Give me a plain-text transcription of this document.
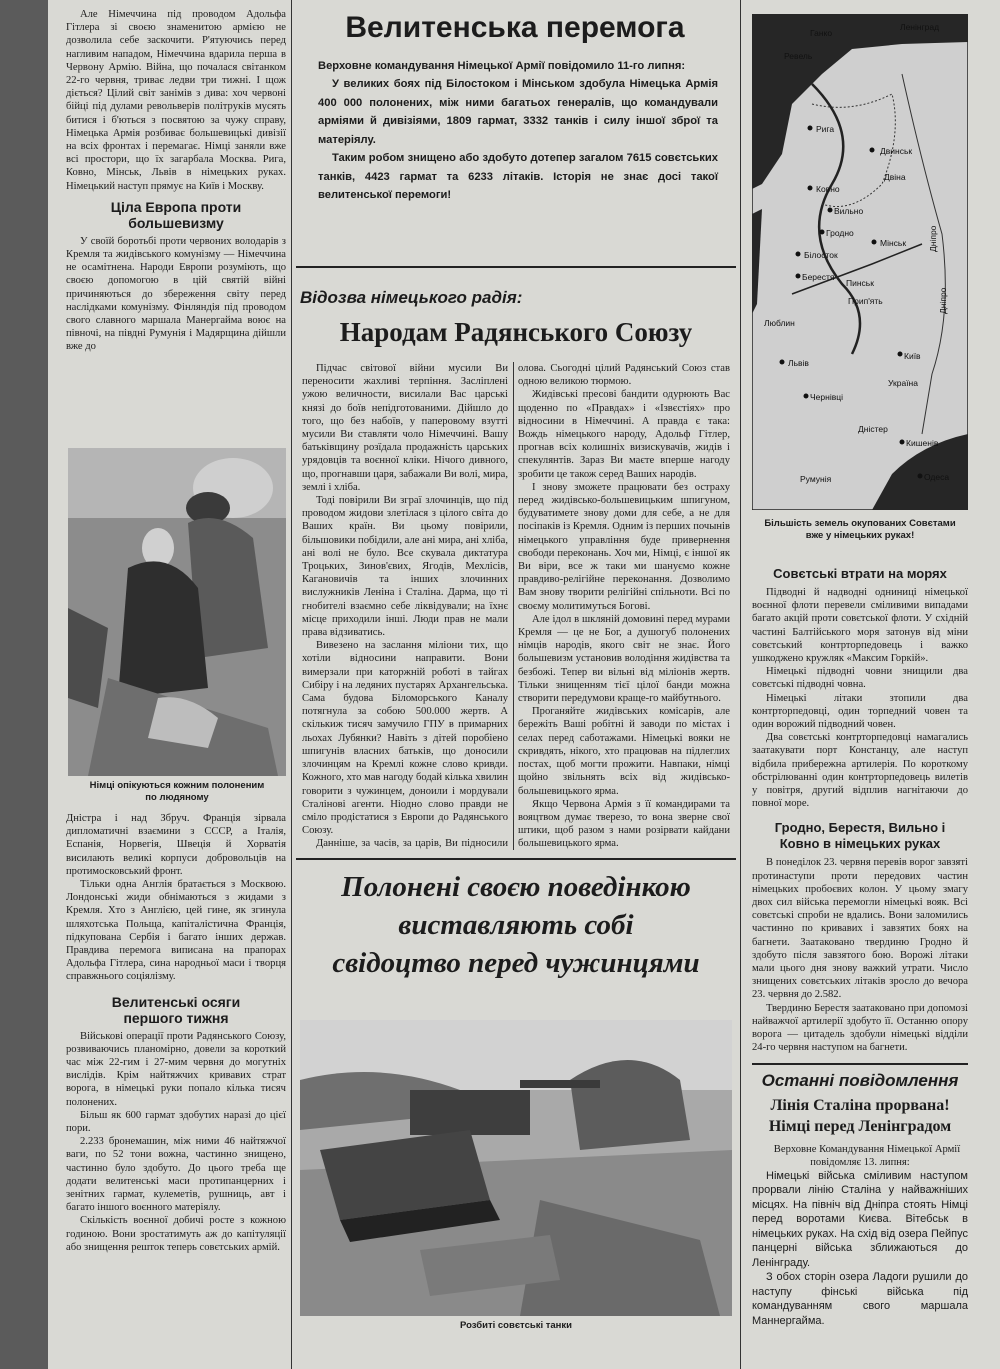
Але Німеччина під проводом Адольфа Гітлера зі своєю знаменитою армією не дозволила себе заскочити. Р'ятуючись перед нагливим нападом, Німеччина вдарила перша в Червону Армію. Війна, що почалася світанком 22-го червня, триває ледви три тижні. І щож діється? Цілий світ занімів з дива: хоч червоні бійці під дулами револьверів політруків мусять битися і б'ються з посвятою за чужу справу, Німецька Армія розбиває большевицькі дивізії на всіх фронтах і перемагає. Німці заняли вже всі простори, що їх загарбала Москва. Рига, Ковно, Мінськ, Львів в німецьких руках. Німецький наступ прямує на Київ і Москву.

Ціла Европа проти большевизму

У своїй боротьбі проти червоних володарів з Кремля та жидівського комунізму — Німеччина не осамітнена. Народи Европи розуміють, що своєю допомогою в цій святій війні причиняються до збереження світу перед наслідками комунізму. Фінляндія під проводом свого славного маршала Манергайма воює на півночі, на півдні Румунія і Мадярщина дійшли вже до

Німці опікуються кожним полоненим по людяному

Дністра і над Збруч. Франція зірвала дипломатичні взаємини з СССР, а Італія, Еспанія, Норвегія, Швеція й Хорватія висилають великі корпуси добровольців на протимосковський фронт.

Тільки одна Англія братається з Москвою. Лондонські жиди обнімаються з жидами з Кремля. Хто з Англією, цей гине, як згинула шляхотська Польща, капіталістична Франція, підкупована Сербія і багато інших держав. Правдива перемога виписана на прапорах Адольфа Гітлера, сина народньої маси і творця справжнього соціялізму.

Велитенські осяги першого тижня

Військові операції проти Радянського Союзу, розвиваючись планомірно, довели за короткий час між 22-гим і 27-мим червня до могутніх вислідів. Крім найтяжчих кривавих страт ворога, в німецькі руки попало кілька тисяч полонених.

Більш як 600 гармат здобутих наразі до цієї пори.

2.233 бронемашин, між ними 46 найтяжчої ваги, по 52 тони вожна, частинно знищено, частинно було здобуто. До цього треба ще додати велитенські маси протипанцерних і зенітних гармат, кулеметів, рушниць, авт і багато іншого воєнного матеріялу.

Скількість воєнної добичі росте з кожною годиною. Вони зростатимуть аж до капітуляції або знищення решток теперь совєтських армій.

Велитенська перемога

Верховне командування Німецької Армії повідомило 11-го липня:

У великих боях під Білостоком і Мінськом здобула Німецька Армія 400 000 полонених, між ними багатьох генералів, що командували арміями й дивізіями, 1809 гармат, 3332 танків і силу іншої зброї та матеріялу.

Таким робом знищено або здобуто дотепер загалом 7615 совєтських танків, 4423 гармат та 6233 літаків. Історія не знає досі такої велитенської перемоги!

Відозва німецького радія:
Народам Радянського Союзу

Підчас світової війни мусили Ви переносити жахливі терпіння. Засліплені ужою величности, висилали Вас царські князі до боїв непідготованими. Дійшло до того, що без набоїв, у паперовому взутті мусили Ви ставляти чоло Німеччині. Вашу батьківщину розїдала продажність царських урядовців та воєнної кліки. Нічого дивного, що, прогнавши царя, забажали Ви волі, мира, землі і хліба.

Тоді повірили Ви зграї злочинців, що під проводом жидови злетілася з цілого світа до Ваших країн. Ви цьому повірили, більшовики побідили, але ані мира, ані хліба, ані волі не було. Все скувала диктатура Троцьких, Зинов'євих, Ягодів, Мехлісів, Кагановичів та інших злочинних вислужників Леніна і Сталіна. Дарма, що ті гнобителі взаємно себе ліквідували; на їхнє місце приходили інші. Люди прав не мали права відзиватись.

Вивезено на заслання міліони тих, що хотіли відносини направити. Вони вимерзали при каторжній роботі в тайгах Сибіру і на ледяних пустарях Архангельська. Сама будова Біломорського Каналу потягнула за собою 500.000 жертв. А скількиж тисяч замучило ГПУ в примарних льохах Лубянки? Навіть з дітей поробіено шпигунів власних батьків, що доносили злочинцям на Кремлі кожне слово кривди. Кожного, хто мав нагоду бодай кілька хвилин говорити з чужинцем, доноили і мордували Сталінові агенти. Ніодно слово правди не сміло продістатися з Европи до Радянського Союзу.

Данніше, за часів, за царів, Ви підносили

олова. Сьогодні цілий Радянський Союз став одною великою тюрмою.

Жидівські пресові бандити одурюють Вас щоденно по «Правдах» і «Ізвєстіях» про відносини в Німеччині. А правда є така: Вождь німецького народу, Адольф Гітлер, прогнав всіх колишніх визискувачів, жидів і спекулянтів. Зараз Ви маєте вперше нагоду зробити це також серед Ваших народів.

І знову зможете працювати без остраху перед жидівсько-большевицьким шпигуном, будуватимете знову доми для себе, а не для посіпаків із Кремля. Одним із перших почынів німецького управління буде привернення свободи переконань. Хоч ми, Німці, є іншої як Ви віри, все ж таки ми шануємо кожне правдиво-релігійне переконання. Дозволимо Вам знову творити релігійні спільноти. Всі по своєму молитимуться Богові.

Але ідол в шкляній домовині перед мурами Кремля — це не Бог, а душогуб полонених німців народів, якого світ не знає. Його большевизм установив володіння жидівства та безбожі. Тепер ви вільні від міліонів жертв. Тільки знищенням тієї цілої банди можна створити передумови краще-го майбутнього.

Проганяйте жидівських комісарів, але бережіть Ваші робітні й заводи по містах і селах перед саботажами. Німецькі вояки не скривдять, нікого, хто працював на підлеглих постах, щоб могти прожити. Навпаки, німці щойно звільнять всіх від жидівсько-большевицького ярма.

Якщо Червона Армія з її командирами та вояцтвом думає тверезо, то вона зверне свої штики, щоб разом з нами розірвати кайдани большевицького ярма.

Полонені своєю поведінкою
виставляють собі
свідоцтво перед чужинцями
Розбиті совєтські танки
Ганко
Ревель
Ленінград
Рига
Двинськ
Двіна
Ковно
Вильно
Гродно
Мінськ
Білосток
Берестя
Пинськ
Прип'ять
Люблин
Дніпро
Київ
Львів
Україна
Чернівці
Дністер
Кишенів
Румунія	Одеса
Дніпро
Більшість земель окупованих Совєтами вже у німецьких руках!
Совєтські втрати на морях

Підводні й надводні одниниці німецької воєнної флоти перевели сміливими випадами багато акцій проти совєтської флоти. У східній частині Балтійського моря затонув від міни совєтський контрторпедовець і важко ушкоджено кружляк «Максим Горкій».

Німецькі підводні човни знищили два совєтські підводні човна.

Німецькі літаки зтопили два контрторпедовці, один торпедний човен та один ворожий підводний човен.

Два совєтські контрторпедовці намагались заатакувати порт Констанцу, але наступ відбила прибережна артилерія. По короткому обстрілюванні один контрторпедовець вилетів у повітря, другий відплив нагнітаючи до повної море.

Гродно, Берестя, Вильно і Ковно в німецьких руках

В понеділок 23. червня перевів ворог завзяті протинаступи проти передових частин німецьких пробоєвих колон. У цьому змагу двох сил війська перемогли німецькі вояк. Всі совєтські спроби не вдались. Вони заломились частинно по кривавих і завзятих боях на багнети. Заатаковано твердиню Гродно й здобуто після завзятого бою. Ворожі літаки мали цього дня знову важкий утрати. Число знищених совєтських літаків зросло до вечора 23. червня до 2.582.

Твердиню Берестя заатаковано при допомозі найважчої артилерії здобуто її. Останню опору ворога — цитадель здобули німецькі відділи 24-го червня наступом на багнети.

Останні повідомлення
Лінія Сталіна прорвана! Німці перед Ленінградом

Верховне Командування Німецької Армії повідомляє 13. липня:

Німецькі війська сміливим наступом прорвали лінію Сталіна у найважніших місцях. На північ від Дніпра стоять Німці перед воротами Києва. Вітебськ в німецьких руках. На схід від озера Пейпус панцерні війська зближаються до Ленінграду.

З обох сторін озера Ладоги рушили до наступу фінські війська під командуванням свого маршала Маннергайма.
